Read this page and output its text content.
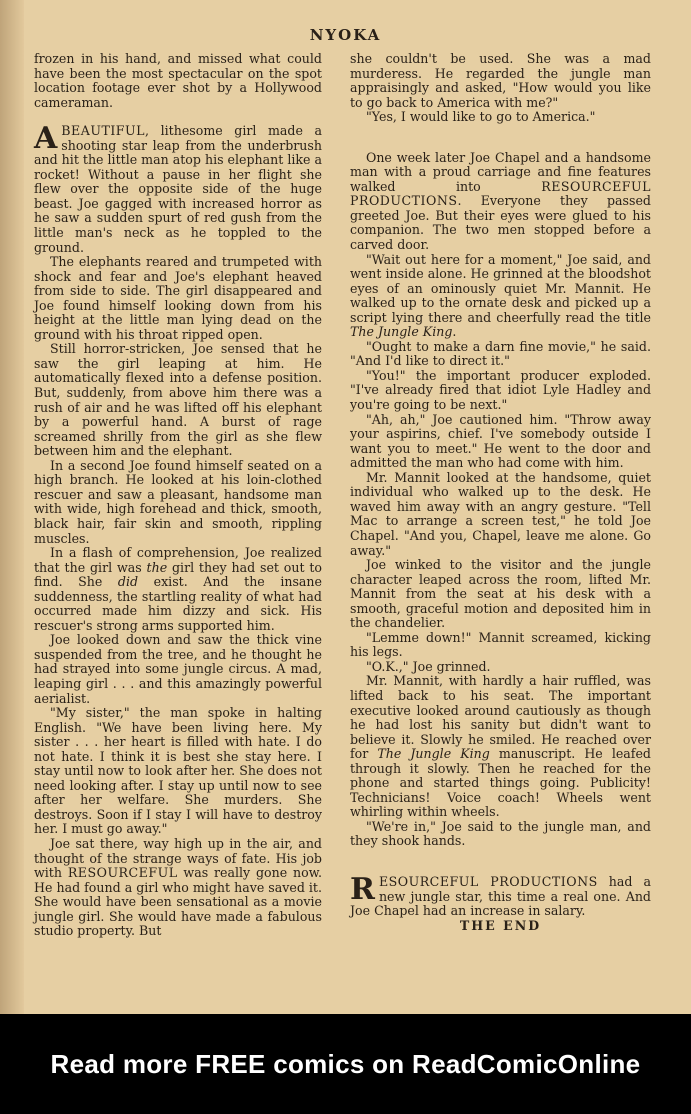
NYOKA

frozen in his hand, and missed what could have been the most spectacular on the spot location footage ever shot by a Hollywood cameraman.

ABEAUTIFUL, lithesome girl made a shooting star leap from the underbrush and hit the little man atop his elephant like a rocket! Without a pause in her flight she flew over the opposite side of the huge beast. Joe gagged with increased horror as he saw a sudden spurt of red gush from the little man's neck as he toppled to the ground.

The elephants reared and trumpeted with shock and fear and Joe's elephant heaved from side to side. The girl disappeared and Joe found himself looking down from his height at the little man lying dead on the ground with his throat ripped open.

Still horror-stricken, Joe sensed that he saw the girl leaping at him. He automatically flexed into a defense position. But, suddenly, from above him there was a rush of air and he was lifted off his elephant by a powerful hand. A burst of rage screamed shrilly from the girl as she flew between him and the elephant.

In a second Joe found himself seated on a high branch. He looked at his loin-clothed rescuer and saw a pleasant, handsome man with wide, high forehead and thick, smooth, black hair, fair skin and smooth, rippling muscles.

In a flash of comprehension, Joe realized that the girl was the girl they had set out to find. She did exist. And the insane suddenness, the startling reality of what had occurred made him dizzy and sick. His rescuer's strong arms supported him.

Joe looked down and saw the thick vine suspended from the tree, and he thought he had strayed into some jungle circus. A mad, leaping girl . . . and this amazingly powerful aerialist.

"My sister," the man spoke in halting English. "We have been living here. My sister . . . her heart is filled with hate. I do not hate. I think it is best she stay here. I stay until now to look after her. She does not need looking after. I stay up until now to see after her welfare. She murders. She destroys. Soon if I stay I will have to destroy her. I must go away."

Joe sat there, way high up in the air, and thought of the strange ways of fate. His job with RESOURCEFUL was really gone now. He had found a girl who might have saved it. She would have been sensational as a movie jungle girl. She would have made a fabulous studio property. But

she couldn't be used. She was a mad murderess. He regarded the jungle man appraisingly and asked, "How would you like to go back to America with me?"

"Yes, I would like to go to America."

One week later Joe Chapel and a handsome man with a proud carriage and fine features walked into RESOURCEFUL PRODUCTIONS. Everyone they passed greeted Joe. But their eyes were glued to his companion. The two men stopped before a carved door.

"Wait out here for a moment," Joe said, and went inside alone. He grinned at the bloodshot eyes of an ominously quiet Mr. Mannit. He walked up to the ornate desk and picked up a script lying there and cheerfully read the title The Jungle King.

"Ought to make a darn fine movie," he said. "And I'd like to direct it."

"You!" the important producer exploded. "I've already fired that idiot Lyle Hadley and you're going to be next."

"Ah, ah," Joe cautioned him. "Throw away your aspirins, chief. I've somebody outside I want you to meet." He went to the door and admitted the man who had come with him.

Mr. Mannit looked at the handsome, quiet individual who walked up to the desk. He waved him away with an angry gesture. "Tell Mac to arrange a screen test," he told Joe Chapel. "And you, Chapel, leave me alone. Go away."

Joe winked to the visitor and the jungle character leaped across the room, lifted Mr. Mannit from the seat at his desk with a smooth, graceful motion and deposited him in the chandelier.

"Lemme down!" Mannit screamed, kicking his legs.

"O.K.," Joe grinned.

Mr. Mannit, with hardly a hair ruffled, was lifted back to his seat. The important executive looked around cautiously as though he had lost his sanity but didn't want to believe it. Slowly he smiled. He reached over for The Jungle King manuscript. He leafed through it slowly. Then he reached for the phone and started things going. Publicity! Technicians! Voice coach! Wheels went whirling within wheels.

"We're in," Joe said to the jungle man, and they shook hands.

RESOURCEFUL PRODUCTIONS had a new jungle star, this time a real one. And Joe Chapel had an increase in salary.

THE END

Read more FREE comics on ReadComicOnline
